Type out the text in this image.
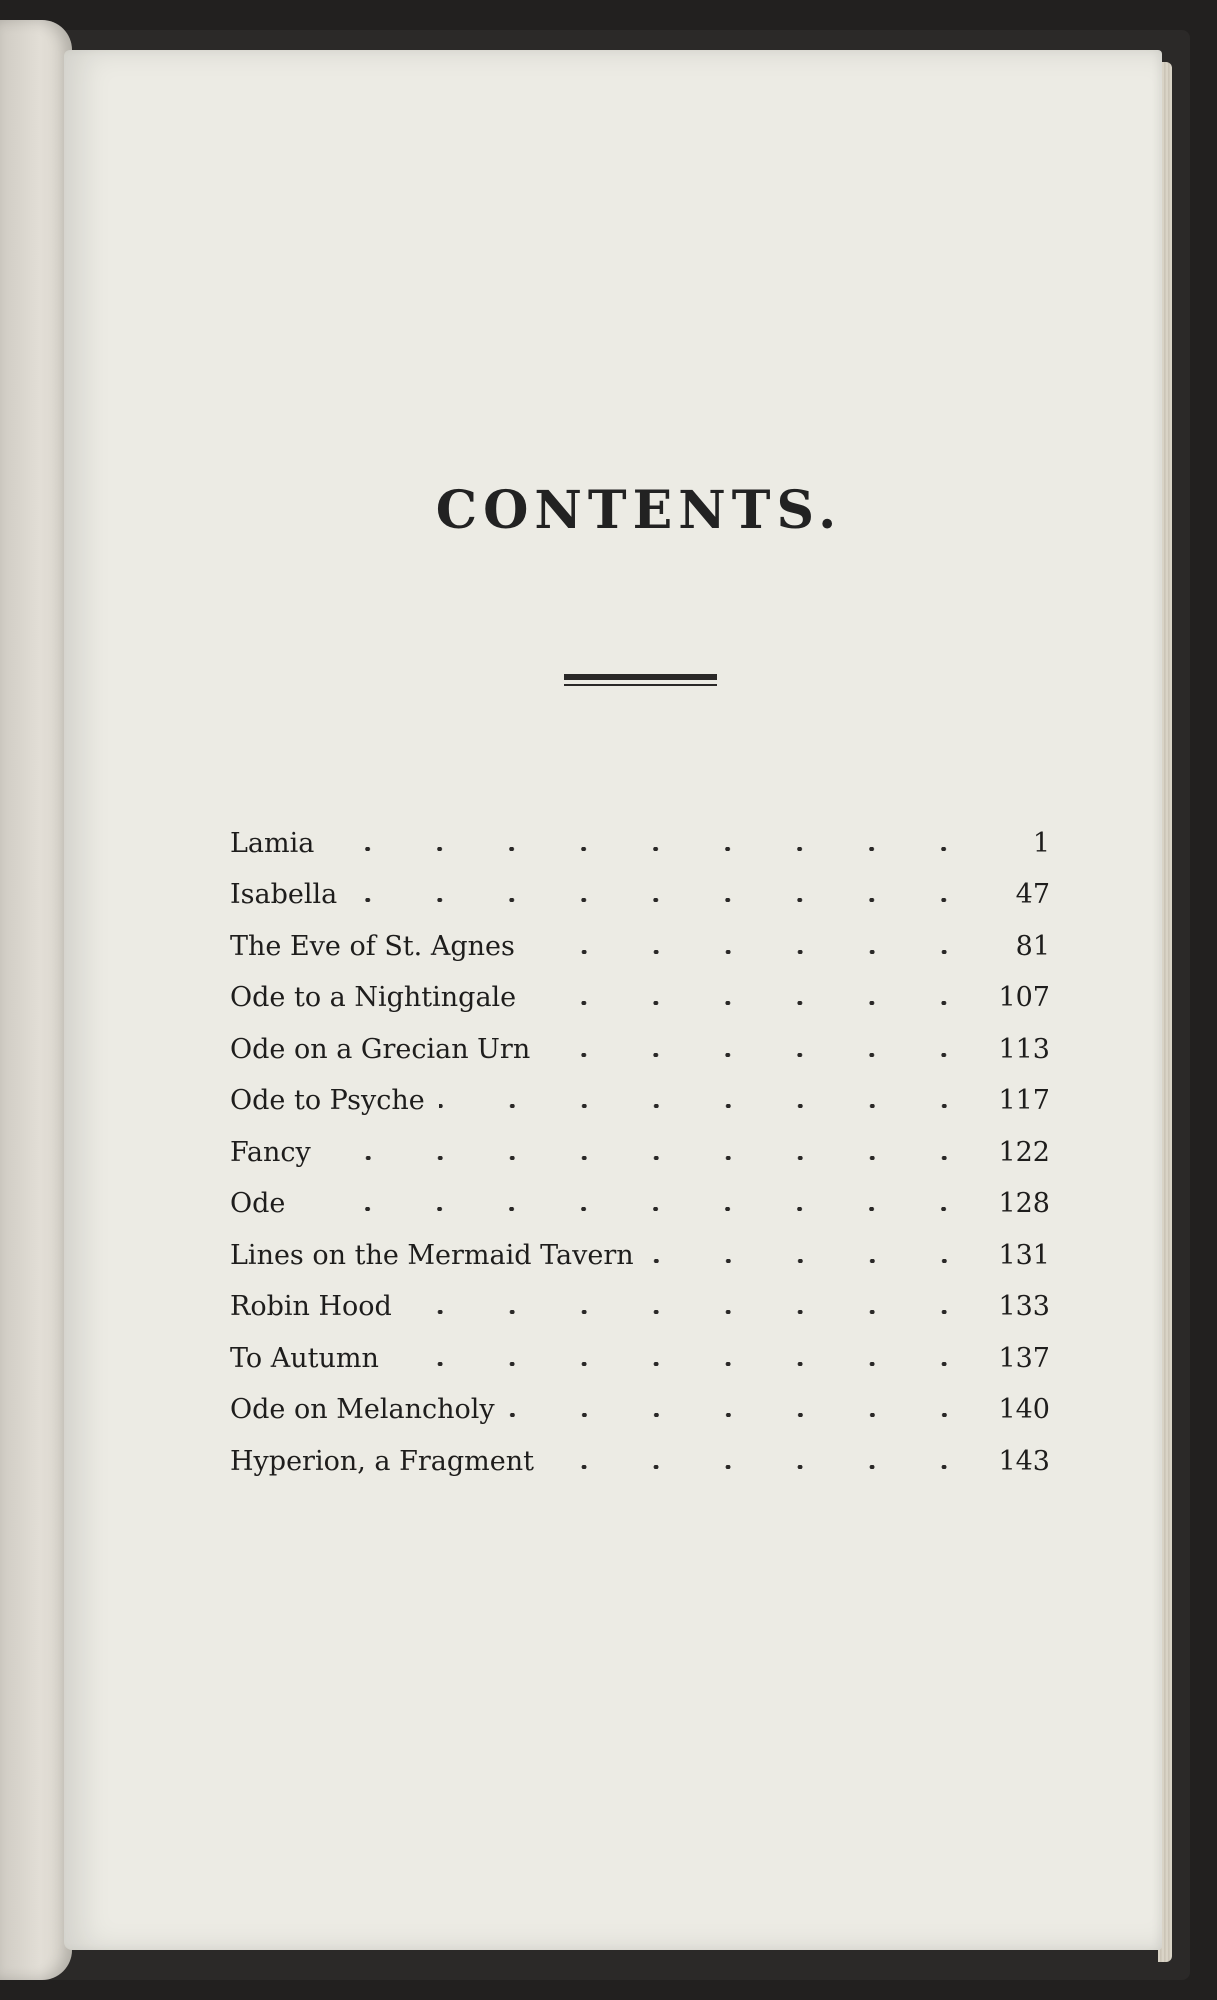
CONTENTS.
Lamia	1
Isabella	47
The Eve of St. Agnes	81
Ode to a Nightingale	107
Ode on a Grecian Urn	113
Ode to Psyche	117
Fancy	122
Ode	128
Lines on the Mermaid Tavern	131
Robin Hood	133
To Autumn	137
Ode on Melancholy	140
Hyperion, a Fragment	143
